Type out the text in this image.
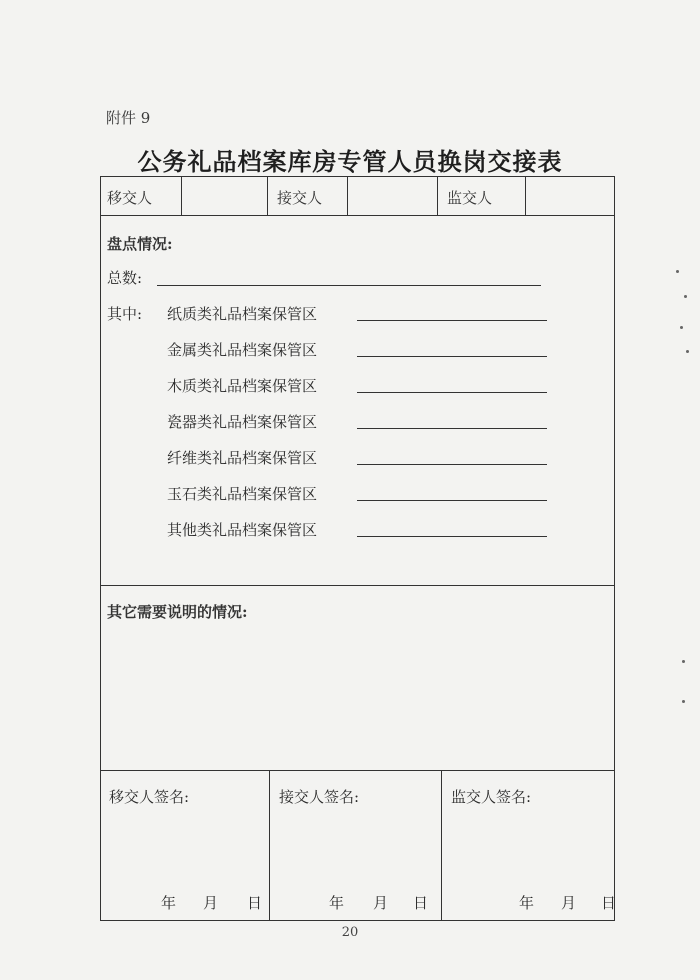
附件 9
公务礼品档案库房专管人员换岗交接表
移交人	接交人	监交人
盘点情况:
总数:
其中: 纸质类礼品档案保管区
金属类礼品档案保管区
木质类礼品档案保管区
瓷器类礼品档案保管区
纤维类礼品档案保管区
玉石类礼品档案保管区
其他类礼品档案保管区
其它需要说明的情况:
移交人签名:	接交人签名:	监交人签名:
年 月 日	年 月 日	年 月 日
20
